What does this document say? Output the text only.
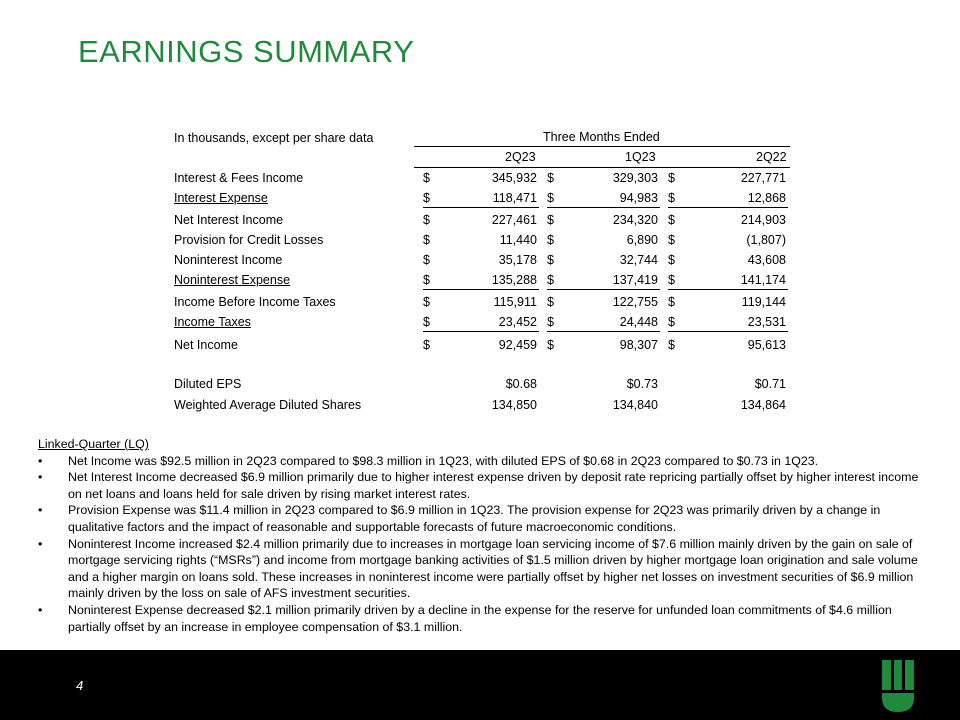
EARNINGS SUMMARY
In thousands, except per share data	Three Months Ended
2Q23	1Q23	2Q22
Interest & Fees Income	$	345,932 $	329,303 $	227,771
Interest Expense	$	118,471 $	94,983 $	12,868
Net Interest Income	$	227,461 $	234,320 $	214,903
Provision for Credit Losses	$	11,440 $	6,890 $	(1,807)
Noninterest Income	$	35,178 $	32,744 $	43,608
Noninterest Expense	$	135,288 $	137,419 $	141,174
Income Before Income Taxes	$	115,911 $	122,755 $	119,144
Income Taxes	$	23,452 $	24,448 $	23,531
Net Income	$	92,459 $	98,307 $	95,613
Diluted EPS	$0.68	$0.73	$0.71
Weighted Average Diluted Shares	134,850	134,840	134,864
Linked-Quarter (LQ)
• Net Income was $92.5 million in 2Q23 compared to $98.3 million in 1Q23, with diluted EPS of $0.68 in 2Q23 compared to $0.73 in 1Q23.
• Net Interest Income decreased $6.9 million primarily due to higher interest expense driven by deposit rate repricing partially offset by higher interest income on net loans and loans held for sale driven by rising market interest rates.
• Provision Expense was $11.4 million in 2Q23 compared to $6.9 million in 1Q23. The provision expense for 2Q23 was primarily driven by a change in qualitative factors and the impact of reasonable and supportable forecasts of future macroeconomic conditions.
• Noninterest Income increased $2.4 million primarily due to increases in mortgage loan servicing income of $7.6 million mainly driven by the gain on sale of mortgage servicing rights (“MSRs”) and income from mortgage banking activities of $1.5 million driven by higher mortgage loan origination and sale volume and a higher margin on loans sold. These increases in noninterest income were partially offset by higher net losses on investment securities of $6.9 million mainly driven by the loss on sale of AFS investment securities.
• Noninterest Expense decreased $2.1 million primarily driven by a decline in the expense for the reserve for unfunded loan commitments of $4.6 million partially offset by an increase in employee compensation of $3.1 million.
4
